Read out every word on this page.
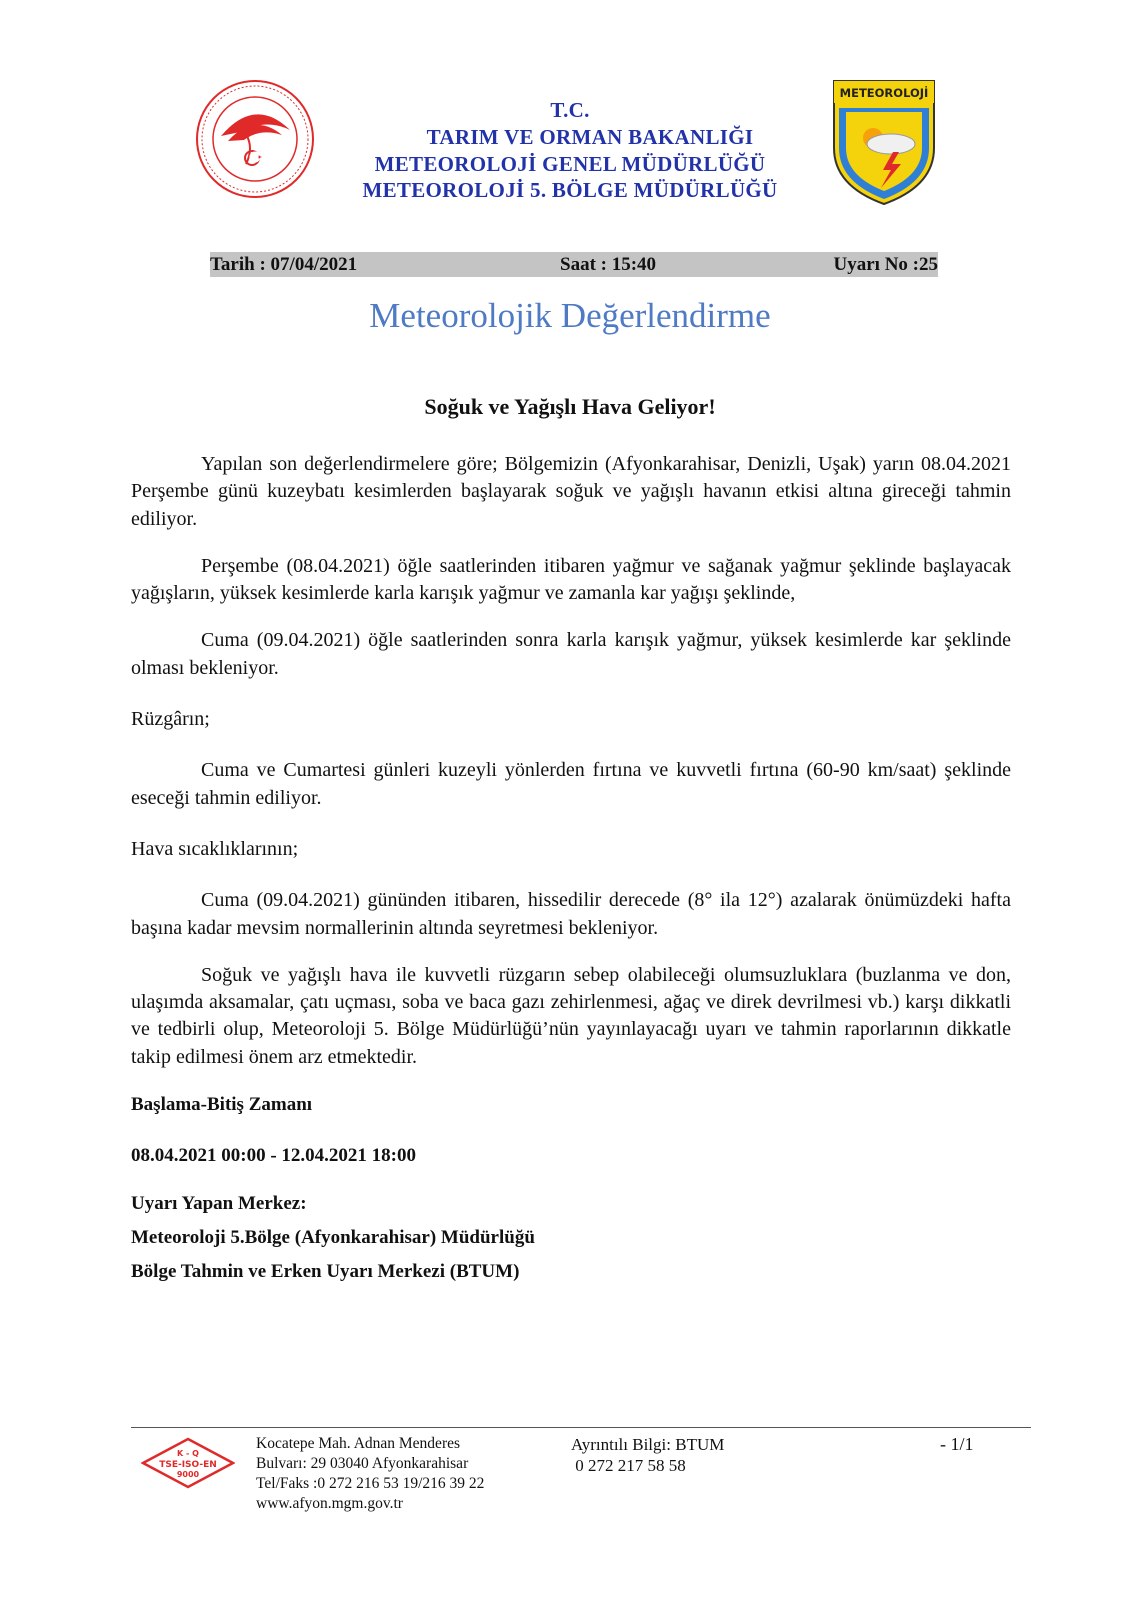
T.C.
TARIM VE ORMAN BAKANLIĞI
METEOROLOJİ GENEL MÜDÜRLÜĞÜ
METEOROLOJİ 5. BÖLGE MÜDÜRLÜĞÜ
METEOROLOJİ
Tarih : 07/04/2021	Saat : 15:40	Uyarı No :25
Meteorolojik Değerlendirme
Soğuk ve Yağışlı Hava Geliyor!

Yapılan son değerlendirmelere göre; Bölgemizin (Afyonkarahisar, Denizli, Uşak) yarın 08.04.2021 Perşembe günü kuzeybatı kesimlerden başlayarak soğuk ve yağışlı havanın etkisi altına gireceği tahmin ediliyor.

Perşembe (08.04.2021) öğle saatlerinden itibaren yağmur ve sağanak yağmur şeklinde başlayacak yağışların, yüksek kesimlerde karla karışık yağmur ve zamanla kar yağışı şeklinde,

Cuma (09.04.2021) öğle saatlerinden sonra karla karışık yağmur, yüksek kesimlerde kar şeklinde olması bekleniyor.

Rüzgârın;

Cuma ve Cumartesi günleri kuzeyli yönlerden fırtına ve kuvvetli fırtına (60-90 km/saat) şeklinde eseceği tahmin ediliyor.

Hava sıcaklıklarının;

Cuma (09.04.2021) gününden itibaren, hissedilir derecede (8° ila 12°) azalarak önümüzdeki hafta başına kadar mevsim normallerinin altında seyretmesi bekleniyor.

Soğuk ve yağışlı hava ile kuvvetli rüzgarın sebep olabileceği olumsuzluklara (buzlanma ve don, ulaşımda aksamalar, çatı uçması, soba ve baca gazı zehirlenmesi, ağaç ve direk devrilmesi vb.) karşı dikkatli ve tedbirli olup, Meteoroloji 5. Bölge Müdürlüğü’nün yayınlayacağı uyarı ve tahmin raporlarının dikkatle takip edilmesi önem arz etmektedir.

Başlama-Bitiş Zamanı

08.04.2021 00:00 - 12.04.2021 18:00

Uyarı Yapan Merkez:

Meteoroloji 5.Bölge (Afyonkarahisar) Müdürlüğü

Bölge Tahmin ve Erken Uyarı Merkezi (BTUM)

K - Q
TSE-ISO-EN
9000
Kocatepe Mah. Adnan Menderes
Bulvarı: 29 03040 Afyonkarahisar
Tel/Faks :0 272 216 53 19/216 39 22
www.afyon.mgm.gov.tr
Ayrıntılı Bilgi: BTUM
0 272 217 58 58
- 1/1
